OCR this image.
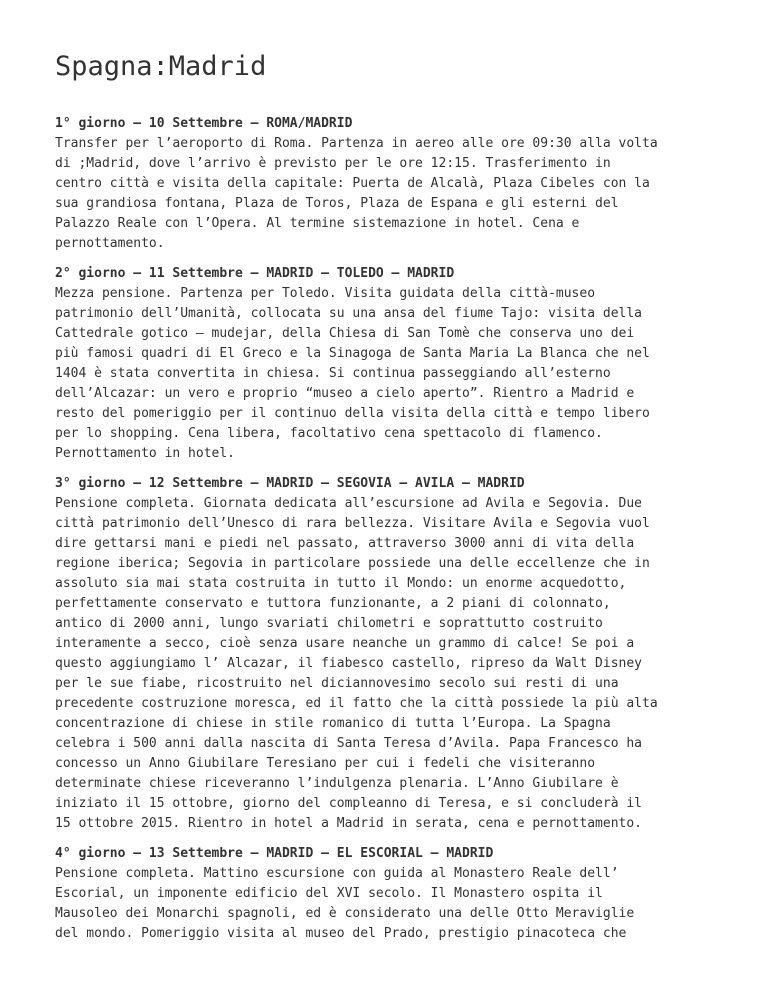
Spagna:Madrid

1° giorno – 10 Settembre – ROMA/MADRID

Transfer per l’aeroporto di Roma. Partenza in aereo alle ore 09:30 alla volta
di ;Madrid, dove l’arrivo è previsto per le ore 12:15. Trasferimento in
centro città e visita della capitale: Puerta de Alcalà, Plaza Cibeles con la
sua grandiosa fontana, Plaza de Toros, Plaza de Espana e gli esterni del
Palazzo Reale con l’Opera. Al termine sistemazione in hotel. Cena e
pernottamento.

2° giorno – 11 Settembre – MADRID – TOLEDO – MADRID

Mezza pensione. Partenza per Toledo. Visita guidata della città-museo
patrimonio dell’Umanità, collocata su una ansa del fiume Tajo: visita della
Cattedrale gotico – mudejar, della Chiesa di San Tomè che conserva uno dei
più famosi quadri di El Greco e la Sinagoga de Santa Maria La Blanca che nel
1404 è stata convertita in chiesa. Si continua passeggiando all’esterno
dell’Alcazar: un vero e proprio “museo a cielo aperto”. Rientro a Madrid e
resto del pomeriggio per il continuo della visita della città e tempo libero
per lo shopping. Cena libera, facoltativo cena spettacolo di flamenco.
Pernottamento in hotel.

3° giorno – 12 Settembre – MADRID – SEGOVIA – AVILA – MADRID

Pensione completa. Giornata dedicata all’escursione ad Avila e Segovia. Due
città patrimonio dell’Unesco di rara bellezza. Visitare Avila e Segovia vuol
dire gettarsi mani e piedi nel passato, attraverso 3000 anni di vita della
regione iberica; Segovia in particolare possiede una delle eccellenze che in
assoluto sia mai stata costruita in tutto il Mondo: un enorme acquedotto,
perfettamente conservato e tuttora funzionante, a 2 piani di colonnato,
antico di 2000 anni, lungo svariati chilometri e soprattutto costruito
interamente a secco, cioè senza usare neanche un grammo di calce! Se poi a
questo aggiungiamo l’ Alcazar, il fiabesco castello, ripreso da Walt Disney
per le sue fiabe, ricostruito nel diciannovesimo secolo sui resti di una
precedente costruzione moresca, ed il fatto che la città possiede la più alta
concentrazione di chiese in stile romanico di tutta l’Europa. La Spagna
celebra i 500 anni dalla nascita di Santa Teresa d’Avila. Papa Francesco ha
concesso un Anno Giubilare Teresiano per cui i fedeli che visiteranno
determinate chiese riceveranno l’indulgenza plenaria. L’Anno Giubilare è
iniziato il 15 ottobre, giorno del compleanno di Teresa, e si concluderà il
15 ottobre 2015. Rientro in hotel a Madrid in serata, cena e pernottamento.

4° giorno – 13 Settembre – MADRID – EL ESCORIAL – MADRID

Pensione completa. Mattino escursione con guida al Monastero Reale dell’
Escorial, un imponente edificio del XVI secolo. Il Monastero ospita il
Mausoleo dei Monarchi spagnoli, ed è considerato una delle Otto Meraviglie
del mondo. Pomeriggio visita al museo del Prado, prestigio pinacoteca che
